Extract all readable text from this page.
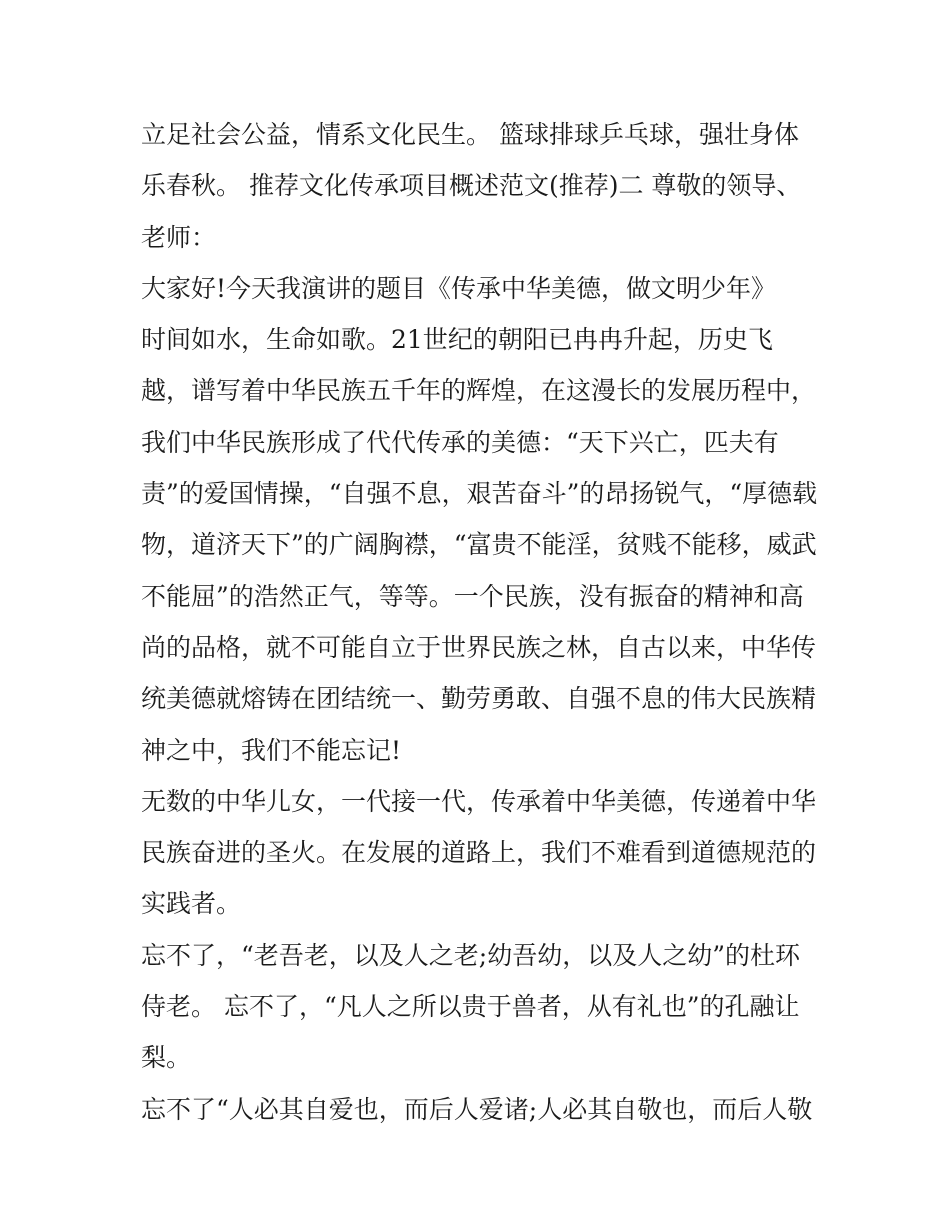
立足社会公益，情系文化民生。 篮球排球乒乓球，强壮身体
乐春秋。 推荐文化传承项目概述范文(推荐)二 尊敬的领导、
老师：
大家好!今天我演讲的题目《传承中华美德，做文明少年》
时间如水，生命如歌。21世纪的朝阳已冉冉升起，历史飞
越，谱写着中华民族五千年的辉煌，在这漫长的发展历程中，
我们中华民族形成了代代传承的美德：“天下兴亡，匹夫有
责”的爱国情操，“自强不息，艰苦奋斗”的昂扬锐气，“厚德载
物，道济天下”的广阔胸襟，“富贵不能淫，贫贱不能移，威武
不能屈”的浩然正气，等等。一个民族，没有振奋的精神和高
尚的品格，就不可能自立于世界民族之林，自古以来，中华传
统美德就熔铸在团结统一、勤劳勇敢、自强不息的伟大民族精
神之中，我们不能忘记!
无数的中华儿女，一代接一代，传承着中华美德，传递着中华
民族奋进的圣火。在发展的道路上，我们不难看到道德规范的
实践者。
忘不了，“老吾老，以及人之老;幼吾幼，以及人之幼”的杜环
侍老。 忘不了，“凡人之所以贵于兽者，从有礼也”的孔融让
梨。
忘不了“人必其自爱也，而后人爱诸;人必其自敬也，而后人敬
